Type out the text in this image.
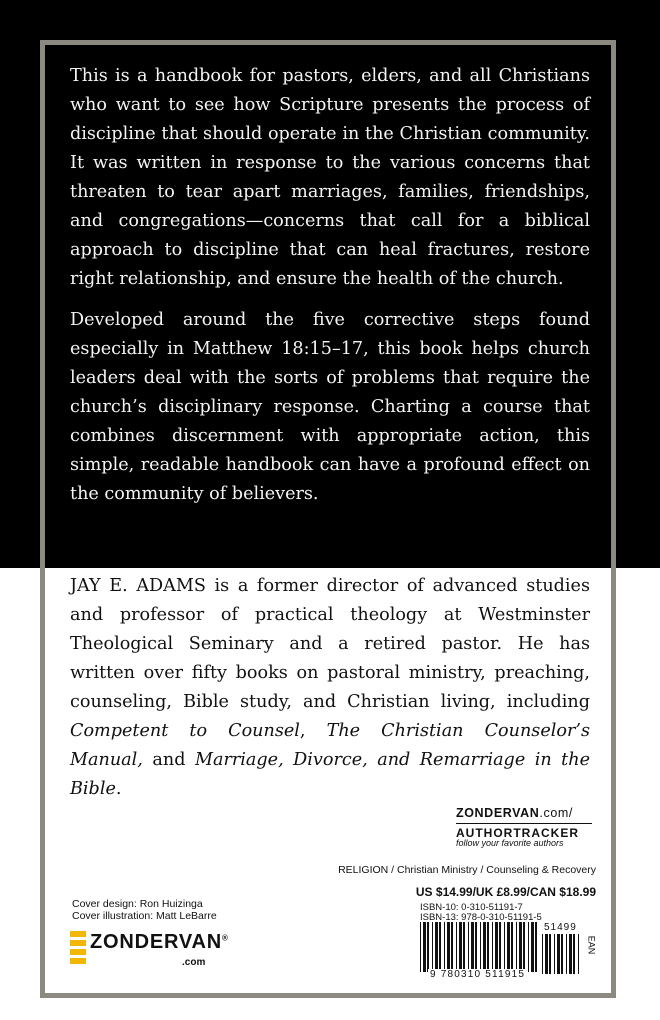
This is a handbook for pastors, elders, and all Christians who want to see how Scripture presents the process of discipline that should operate in the Christian community. It was written in response to the various concerns that threaten to tear apart marriages, families, friendships, and congregations—concerns that call for a biblical approach to discipline that can heal fractures, restore right relationship, and ensure the health of the church.

Developed around the five corrective steps found especially in Matthew 18:15–17, this book helps church leaders deal with the sorts of problems that require the church’s disciplinary response. Charting a course that combines discernment with appropriate action, this simple, readable handbook can have a profound effect on the community of believers.

JAY E. ADAMS is a former director of advanced studies and professor of practical theology at Westminster Theological Seminary and a retired pastor. He has written over fifty books on pastoral ministry, preaching, counseling, Bible study, and Christian living, including Competent to Counsel, The Christian Counselor’s Manual, and Marriage, Divorce, and Remarriage in the Bible.

ZONDERVAN.com/
AUTHORTRACKER
follow your favorite authors
RELIGION / Christian Ministry / Counseling & Recovery
US $14.99/UK £8.99/CAN $18.99
ISBN-10: 0-310-51191-7
ISBN-13: 978-0-310-51191-5
9 780310 511915
51499
EAN
Cover design: Ron Huizinga
Cover illustration: Matt LeBarre
ZONDERVAN®
.com
